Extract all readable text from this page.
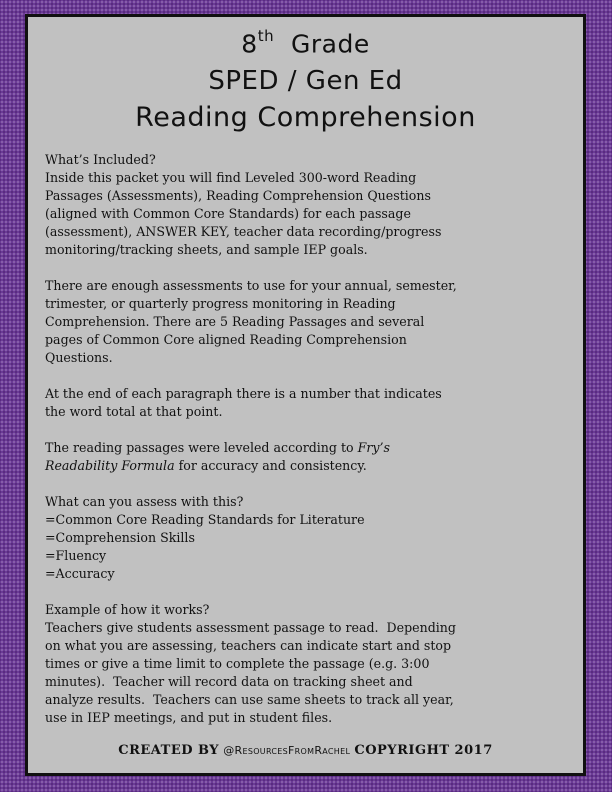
8th Grade
SPED / Gen Ed
Reading Comprehension
What’s Included?
Inside this packet you will find Leveled 300-word Reading
Passages (Assessments), Reading Comprehension Questions
(aligned with Common Core Standards) for each passage
(assessment), ANSWER KEY, teacher data recording/progress
monitoring/tracking sheets, and sample IEP goals.
There are enough assessments to use for your annual, semester,
trimester, or quarterly progress monitoring in Reading
Comprehension. There are 5 Reading Passages and several
pages of Common Core aligned Reading Comprehension
Questions.
At the end of each paragraph there is a number that indicates
the word total at that point.
The reading passages were leveled according to Fry’s
Readability Formula for accuracy and consistency.
What can you assess with this?
=Common Core Reading Standards for Literature
=Comprehension Skills
=Fluency
=Accuracy
Example of how it works?
Teachers give students assessment passage to read.  Depending
on what you are assessing, teachers can indicate start and stop
times or give a time limit to complete the passage (e.g. 3:00
minutes).  Teacher will record data on tracking sheet and
analyze results.  Teachers can use same sheets to track all year,
use in IEP meetings, and put in student files.
CREATED BY @ResourcesFromRachel COPYRIGHT 2017
